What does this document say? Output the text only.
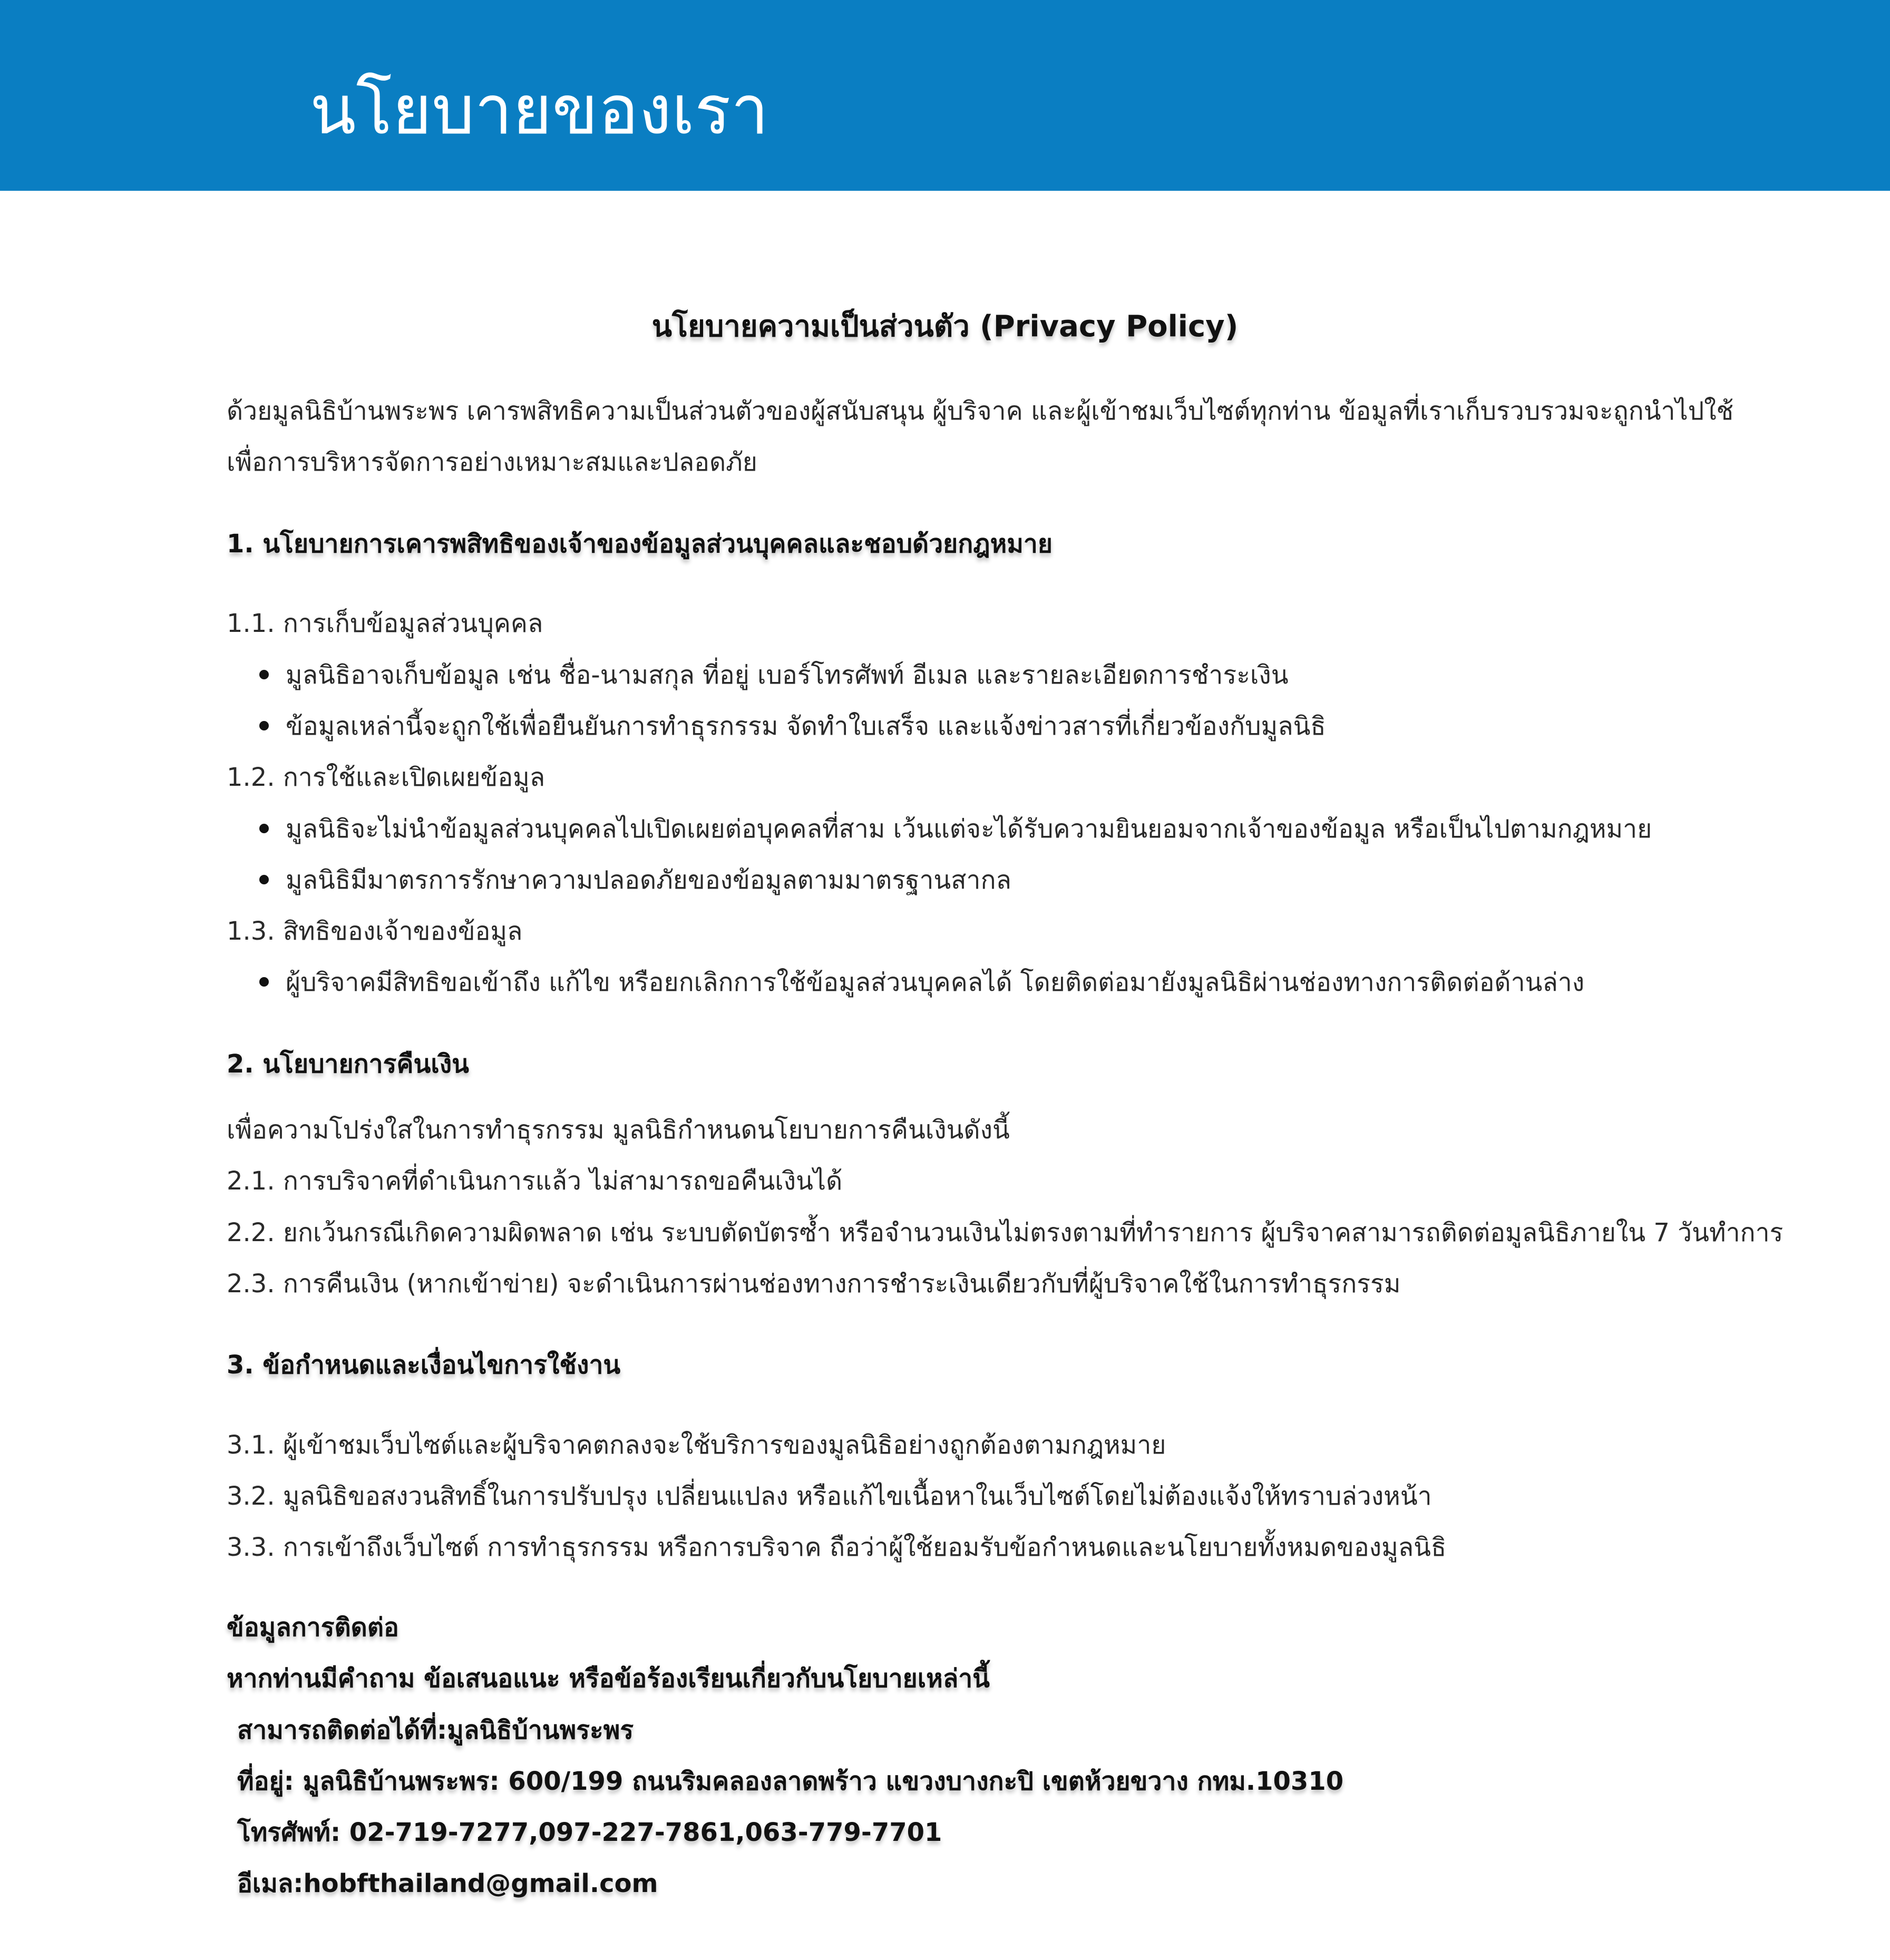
นโยบายของเรา
นโยบายความเป็นส่วนตัว (Privacy Policy)
ด้วยมูลนิธิบ้านพระพร เคารพสิทธิความเป็นส่วนตัวของผู้สนับสนุน ผู้บริจาค และผู้เข้าชมเว็บไซต์ทุกท่าน ข้อมูลที่เราเก็บรวบรวมจะถูกนำไปใช้
เพื่อการบริหารจัดการอย่างเหมาะสมและปลอดภัย
1. นโยบายการเคารพสิทธิของเจ้าของข้อมูลส่วนบุคคลและชอบด้วยกฎหมาย
1.1. การเก็บข้อมูลส่วนบุคคล
มูลนิธิอาจเก็บข้อมูล เช่น ชื่อ-นามสกุล ที่อยู่ เบอร์โทรศัพท์ อีเมล และรายละเอียดการชำระเงิน
ข้อมูลเหล่านี้จะถูกใช้เพื่อยืนยันการทำธุรกรรม จัดทำใบเสร็จ และแจ้งข่าวสารที่เกี่ยวข้องกับมูลนิธิ
1.2. การใช้และเปิดเผยข้อมูล
มูลนิธิจะไม่นำข้อมูลส่วนบุคคลไปเปิดเผยต่อบุคคลที่สาม เว้นแต่จะได้รับความยินยอมจากเจ้าของข้อมูล หรือเป็นไปตามกฎหมาย
มูลนิธิมีมาตรการรักษาความปลอดภัยของข้อมูลตามมาตรฐานสากล
1.3. สิทธิของเจ้าของข้อมูล
ผู้บริจาคมีสิทธิขอเข้าถึง แก้ไข หรือยกเลิกการใช้ข้อมูลส่วนบุคคลได้ โดยติดต่อมายังมูลนิธิผ่านช่องทางการติดต่อด้านล่าง
2. นโยบายการคืนเงิน
เพื่อความโปร่งใสในการทำธุรกรรม มูลนิธิกำหนดนโยบายการคืนเงินดังนี้
2.1. การบริจาคที่ดำเนินการแล้ว ไม่สามารถขอคืนเงินได้
2.2. ยกเว้นกรณีเกิดความผิดพลาด เช่น ระบบตัดบัตรซ้ำ หรือจำนวนเงินไม่ตรงตามที่ทำรายการ ผู้บริจาคสามารถติดต่อมูลนิธิภายใน 7 วันทำการ
2.3. การคืนเงิน (หากเข้าข่าย) จะดำเนินการผ่านช่องทางการชำระเงินเดียวกับที่ผู้บริจาคใช้ในการทำธุรกรรม
3. ข้อกำหนดและเงื่อนไขการใช้งาน
3.1. ผู้เข้าชมเว็บไซต์และผู้บริจาคตกลงจะใช้บริการของมูลนิธิอย่างถูกต้องตามกฎหมาย
3.2. มูลนิธิขอสงวนสิทธิ์ในการปรับปรุง เปลี่ยนแปลง หรือแก้ไขเนื้อหาในเว็บไซต์โดยไม่ต้องแจ้งให้ทราบล่วงหน้า
3.3. การเข้าถึงเว็บไซต์ การทำธุรกรรม หรือการบริจาค ถือว่าผู้ใช้ยอมรับข้อกำหนดและนโยบายทั้งหมดของมูลนิธิ
ข้อมูลการติดต่อ
หากท่านมีคำถาม ข้อเสนอแนะ หรือข้อร้องเรียนเกี่ยวกับนโยบายเหล่านี้
สามารถติดต่อได้ที่:มูลนิธิบ้านพระพร
ที่อยู่: มูลนิธิบ้านพระพร: 600/199 ถนนริมคลองลาดพร้าว แขวงบางกะปิ เขตห้วยขวาง กทม.10310
โทรศัพท์: 02-719-7277,097-227-7861,063-779-7701
อีเมล:hobfthailand@gmail.com
